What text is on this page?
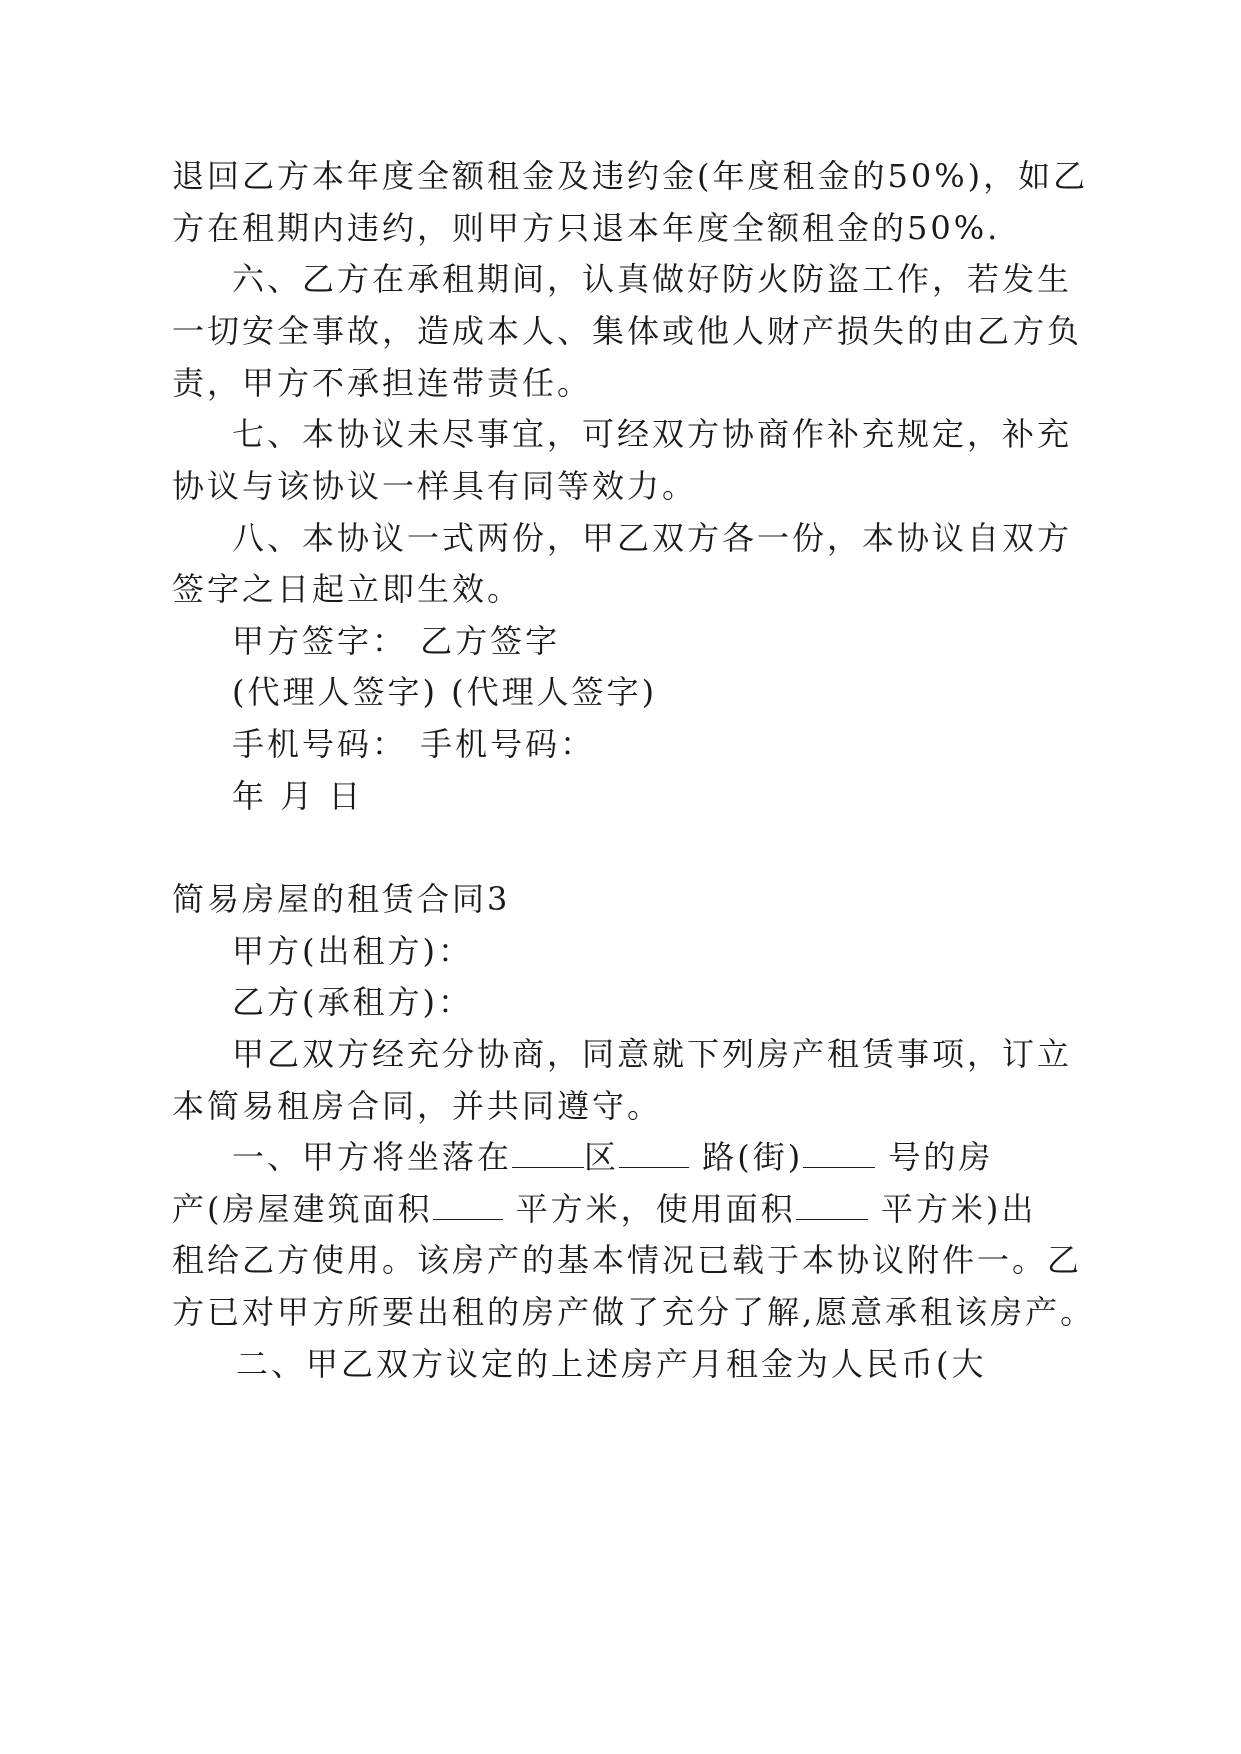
退回乙方本年度全额租金及违约金(年度租金的50%)，如乙
方在租期内违约，则甲方只退本年度全额租金的50%.
六、乙方在承租期间，认真做好防火防盗工作，若发生
一切安全事故，造成本人、集体或他人财产损失的由乙方负
责，甲方不承担连带责任。
七、本协议未尽事宜，可经双方协商作补充规定，补充
协议与该协议一样具有同等效力。
八、本协议一式两份，甲乙双方各一份，本协议自双方
签字之日起立即生效。
甲方签字： 乙方签字
(代理人签字) (代理人签字)
手机号码： 手机号码：
年 月 日
简易房屋的租赁合同3
甲方(出租方)：
乙方(承租方)：
甲乙双方经充分协商，同意就下列房产租赁事项，订立
本简易租房合同，并共同遵守。
一、甲方将坐落在 区 路(街) 号的房
产(房屋建筑面积 平方米，使用面积 平方米)出
租给乙方使用。该房产的基本情况已载于本协议附件一。乙
方已对甲方所要出租的房产做了充分了解,愿意承租该房产。
二、甲乙双方议定的上述房产月租金为人民币(大
